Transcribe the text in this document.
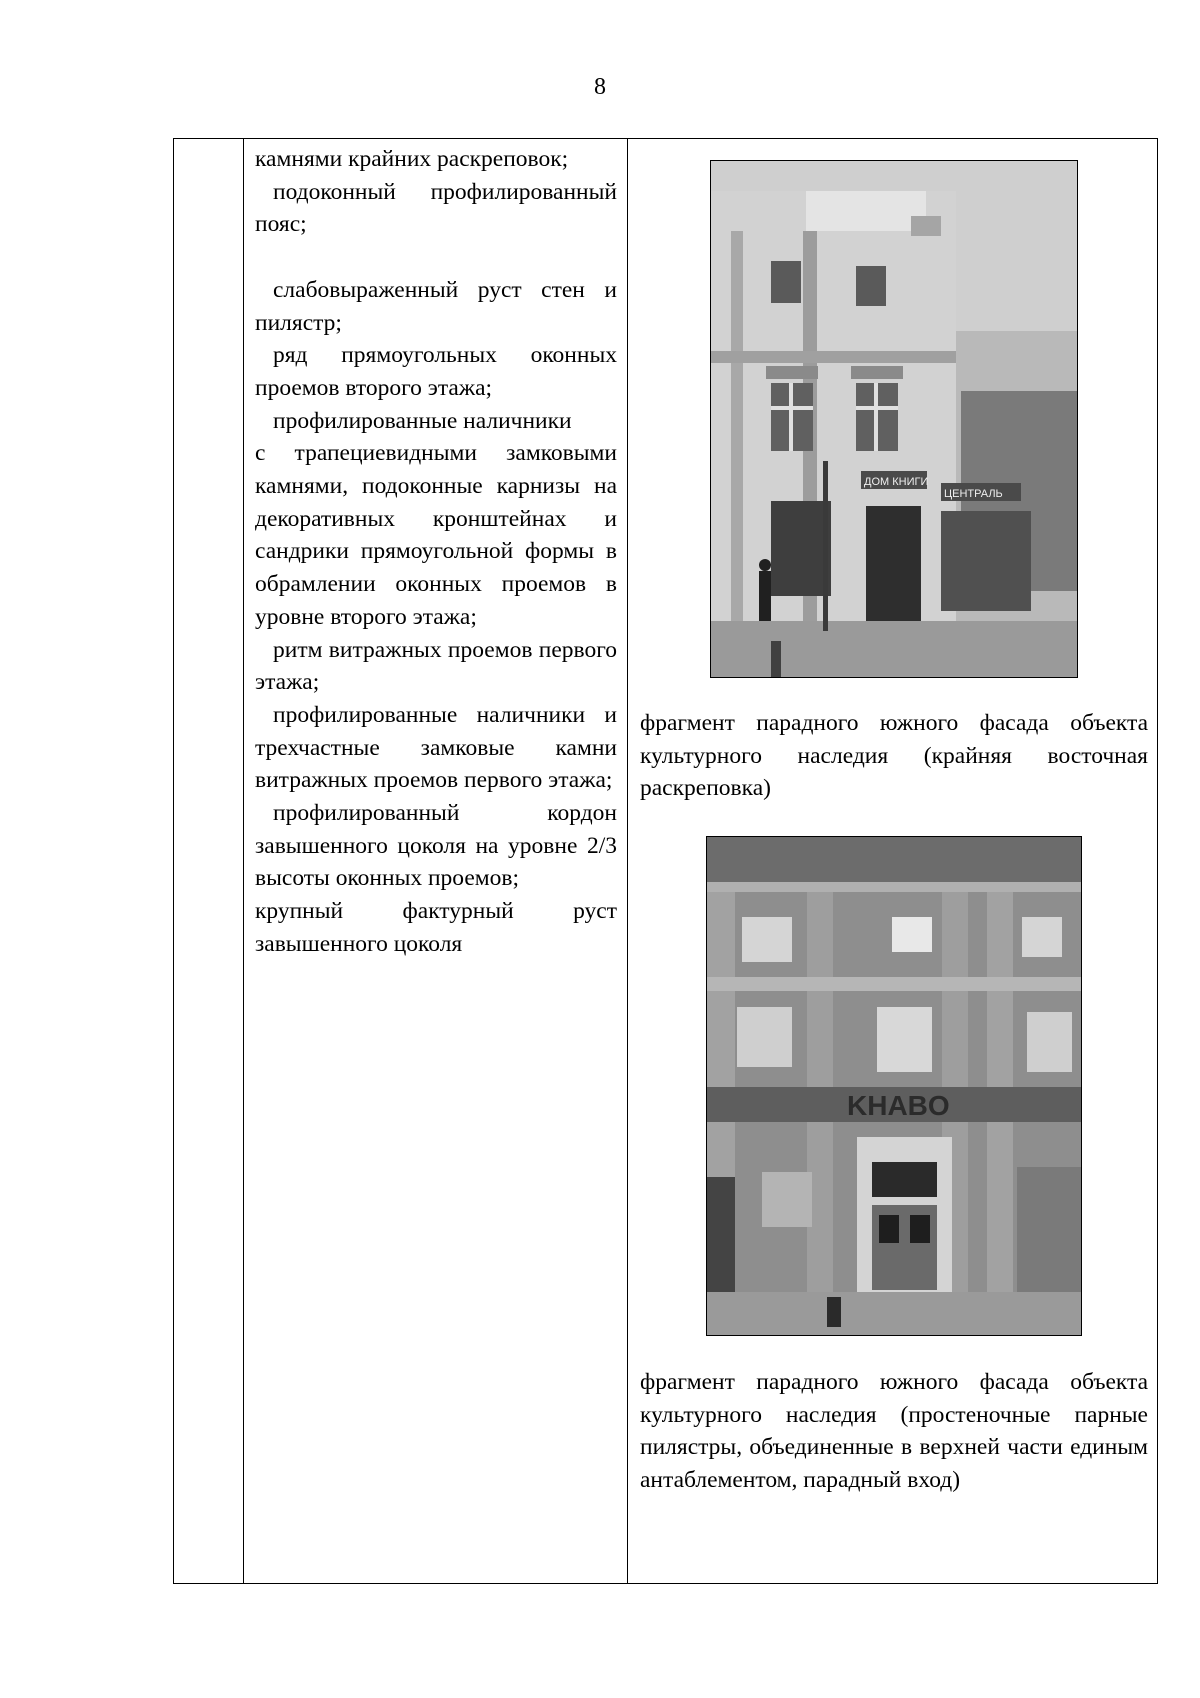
8

камнями крайних раскреповок;

подоконный профилированный пояс;

слабовыраженный руст стен и пилястр;

ряд прямоугольных оконных проемов второго этажа;

профилированные наличники

с трапециевидными замковыми камнями, подоконные карнизы на декоративных кронштейнах и сандрики прямоугольной формы в обрамлении оконных проемов в уровне второго этажа;

ритм витражных проемов первого этажа;

профилированные наличники и трехчастные замковые камни витражных проемов первого этажа;

профилированный кордон завышенного цоколя на уровне 2/3 высоты оконных проемов;

крупный фактурный руст завышенного цоколя

ДОМ КНИГИ
ЦЕНТРАЛЬ
фрагмент парадного южного фасада объекта культурного наследия (крайняя восточная раскреповка)
KHABO
фрагмент парадного южного фасада объекта культурного наследия (простеночные парные пилястры, объединенные в верхней части единым антаблементом, парадный вход)
